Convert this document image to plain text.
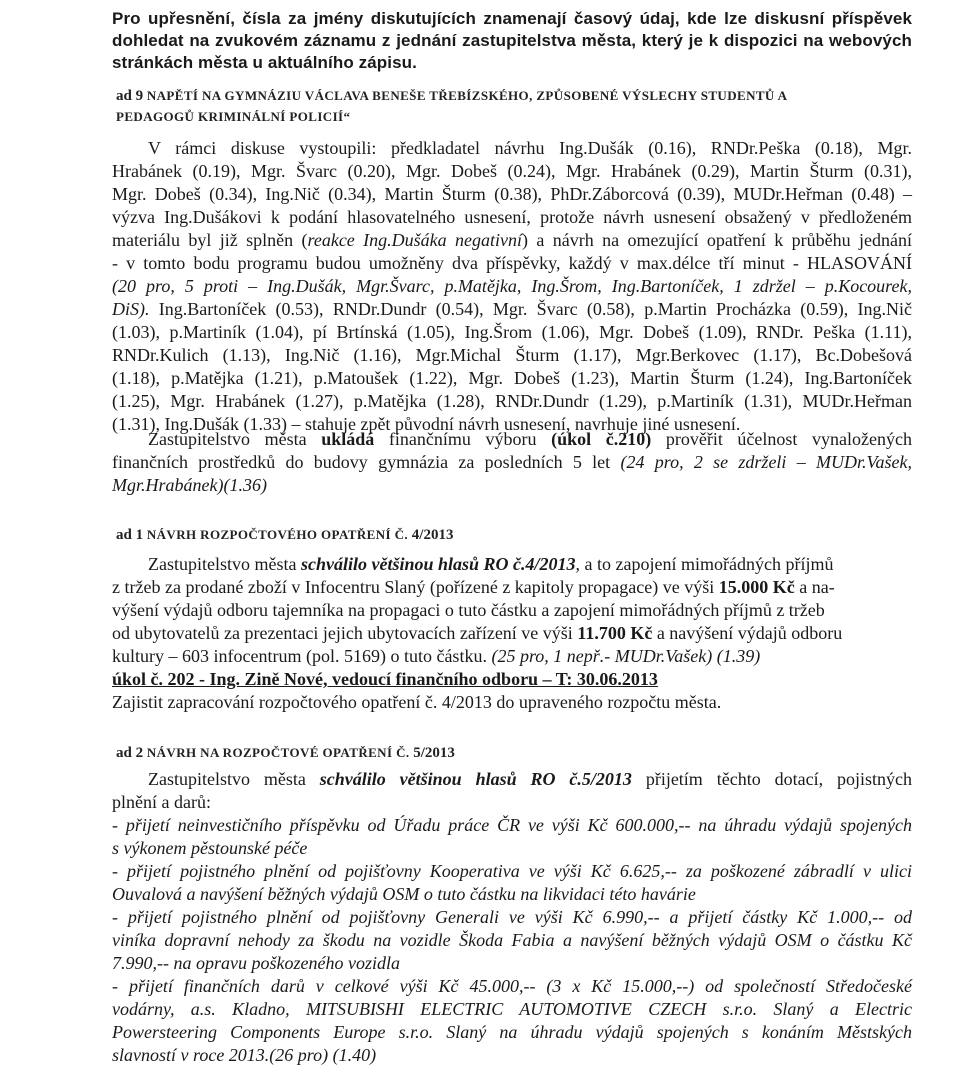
Pro upřesnění, čísla za jmény diskutujících znamenají časový údaj, kde lze diskusní příspěvek
dohledat na zvukovém záznamu z jednání zastupitelstva města, který je k dispozici na webových
stránkách města u aktuálního zápisu.
ad 9 NAPĚTÍ NA GYMNÁZIU VÁCLAVA BENEŠE TŘEBÍZSKÉHO, ZPŮSOBENÉ VÝSLECHY STUDENTŮ A
PEDAGOGŮ KRIMINÁLNÍ POLICIÍ“
V rámci diskuse vystoupili: předkladatel návrhu Ing.Dušák (0.16), RNDr.Peška (0.18), Mgr.
Hrabánek (0.19), Mgr. Švarc (0.20), Mgr. Dobeš (0.24), Mgr. Hrabánek (0.29), Martin Šturm (0.31),
Mgr. Dobeš (0.34), Ing.Nič (0.34), Martin Šturm (0.38), PhDr.Záborcová (0.39), MUDr.Heřman (0.48) –
výzva Ing.Dušákovi k podání hlasovatelného usnesení, protože návrh usnesení obsažený v předloženém
materiálu byl již splněn (reakce Ing.Dušáka negativní) a návrh na omezující opatření k průběhu jednání
- v tomto bodu programu budou umožněny dva příspěvky, každý v max.délce tří minut - HLASOVÁNÍ
(20 pro, 5 proti – Ing.Dušák, Mgr.Švarc, p.Matějka, Ing.Šrom, Ing.Bartoníček, 1 zdržel – p.Kocourek,
DiS). Ing.Bartoníček (0.53), RNDr.Dundr (0.54), Mgr. Švarc (0.58), p.Martin Procházka (0.59), Ing.Nič
(1.03), p.Martiník (1.04), pí Brtínská (1.05), Ing.Šrom (1.06), Mgr. Dobeš (1.09), RNDr. Peška (1.11),
RNDr.Kulich (1.13), Ing.Nič (1.16), Mgr.Michal Šturm (1.17), Mgr.Berkovec (1.17), Bc.Dobešová
(1.18), p.Matějka (1.21), p.Matoušek (1.22), Mgr. Dobeš (1.23), Martin Šturm (1.24), Ing.Bartoníček
(1.25), Mgr. Hrabánek (1.27), p.Matějka (1.28), RNDr.Dundr (1.29), p.Martiník (1.31), MUDr.Heřman
(1.31), Ing.Dušák (1.33) – stahuje zpět původní návrh usnesení, navrhuje jiné usnesení.
Zastupitelstvo města ukládá finančnímu výboru (úkol č.210) prověřit účelnost vynaložených
finančních prostředků do budovy gymnázia za posledních 5 let (24 pro, 2 se zdrželi – MUDr.Vašek,
Mgr.Hrabánek)(1.36)
ad 1 NÁVRH ROZPOČTOVÉHO OPATŘENÍ Č. 4/2013
Zastupitelstvo města schválilo většinou hlasů RO č.4/2013, a to zapojení mimořádných příjmů
z tržeb za prodané zboží v Infocentru Slaný (pořízené z kapitoly propagace) ve výši 15.000 Kč a na-
výšení výdajů odboru tajemníka na propagaci o tuto částku a zapojení mimořádných příjmů z tržeb
od ubytovatelů za prezentaci jejich ubytovacích zařízení ve výši 11.700 Kč a navýšení výdajů odboru
kultury – 603 infocentrum (pol. 5169) o tuto částku. (25 pro, 1 nepř.- MUDr.Vašek) (1.39)
úkol č. 202 - Ing. Zině Nové, vedoucí finančního odboru – T: 30.06.2013
Zajistit zapracování rozpočtového opatření č. 4/2013 do upraveného rozpočtu města.
ad 2 NÁVRH NA ROZPOČTOVÉ OPATŘENÍ Č. 5/2013
Zastupitelstvo města schválilo většinou hlasů RO č.5/2013 přijetím těchto dotací, pojistných
plnění a darů:
- přijetí neinvestičního příspěvku od Úřadu práce ČR ve výši Kč 600.000,-- na úhradu výdajů spojených
s výkonem pěstounské péče
- přijetí pojistného plnění od pojišťovny Kooperativa ve výši Kč 6.625,-- za poškozené zábradlí v ulici
Ouvalová a navýšení běžných výdajů OSM o tuto částku na likvidaci této havárie
- přijetí pojistného plnění od pojišťovny Generali ve výši Kč 6.990,-- a přijetí částky Kč 1.000,-- od
viníka dopravní nehody za škodu na vozidle Škoda Fabia a navýšení běžných výdajů OSM o částku Kč
7.990,-- na opravu poškozeného vozidla
- přijetí finančních darů v celkové výši Kč 45.000,-- (3 x Kč 15.000,--) od společností Středočeské
vodárny, a.s. Kladno, MITSUBISHI ELECTRIC AUTOMOTIVE CZECH s.r.o. Slaný a Electric
Powersteering Components Europe s.r.o. Slaný na úhradu výdajů spojených s konáním Městských
slavností v roce 2013.(26 pro) (1.40)
